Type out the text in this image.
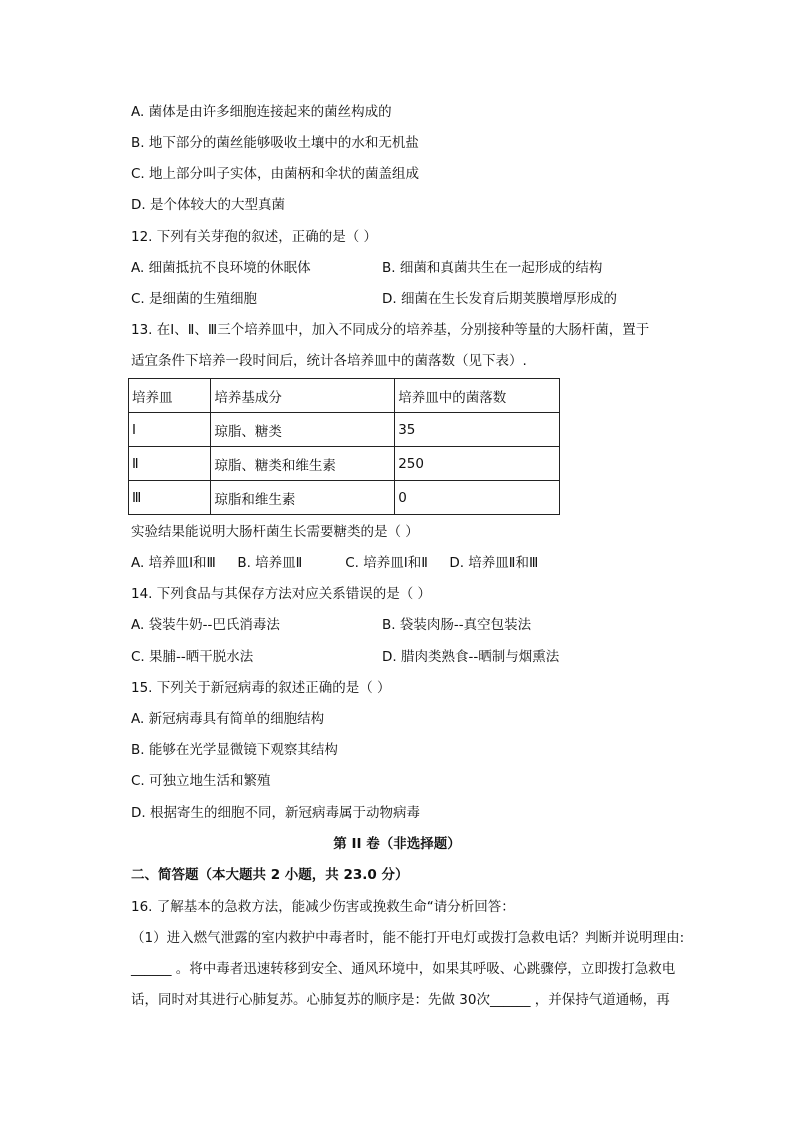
A. 菌体是由许多细胞连接起来的菌丝构成的
B. 地下部分的菌丝能够吸收土壤中的水和无机盐
C. 地上部分叫子实体，由菌柄和伞状的菌盖组成
D. 是个体较大的大型真菌
12. 下列有关芽孢的叙述，正确的是（ ）
A. 细菌抵抗不良环境的休眠体	B. 细菌和真菌共生在一起形成的结构
C. 是细菌的生殖细胞	D. 细菌在生长发育后期荚膜增厚形成的
13. 在Ⅰ、Ⅱ、Ⅲ三个培养皿中，加入不同成分的培养基，分别接种等量的大肠杆菌，置于
适宜条件下培养一段时间后，统计各培养皿中的菌落数（见下表）.
培养皿	培养基成分	培养皿中的菌落数
Ⅰ	琼脂、糖类	35
Ⅱ	琼脂、糖类和维生素	250
Ⅲ	琼脂和维生素	0
实验结果能说明大肠杆菌生长需要糖类的是（ ）
A. 培养皿Ⅰ和Ⅲ     B. 培养皿Ⅱ          C. 培养皿Ⅰ和Ⅱ     D. 培养皿Ⅱ和Ⅲ
14. 下列食品与其保存方法对应关系错误的是（ ）
A. 袋装牛奶--巴氏消毒法	B. 袋装肉肠--真空包装法
C. 果脯--晒干脱水法	D. 腊肉类熟食--晒制与烟熏法
15. 下列关于新冠病毒的叙述正确的是（ ）
A. 新冠病毒具有简单的细胞结构
B. 能够在光学显微镜下观察其结构
C. 可独立地生活和繁殖
D. 根据寄生的细胞不同，新冠病毒属于动物病毒
第 II 卷（非选择题）
二、简答题（本大题共 2 小题，共 23.0 分）
16. 了解基本的急救方法，能减少伤害或挽救生命“请分析回答：
（1）进入燃气泄露的室内救护中毒者时，能不能打开电灯或拨打急救电话？判断并说明理由:
______ 。将中毒者迅速转移到安全、通风环境中，如果其呼吸、心跳骤停，立即拨打急救电
话，同时对其进行心肺复苏。心肺复苏的顺序是：先做 30次______ ，并保持气道通畅，再
